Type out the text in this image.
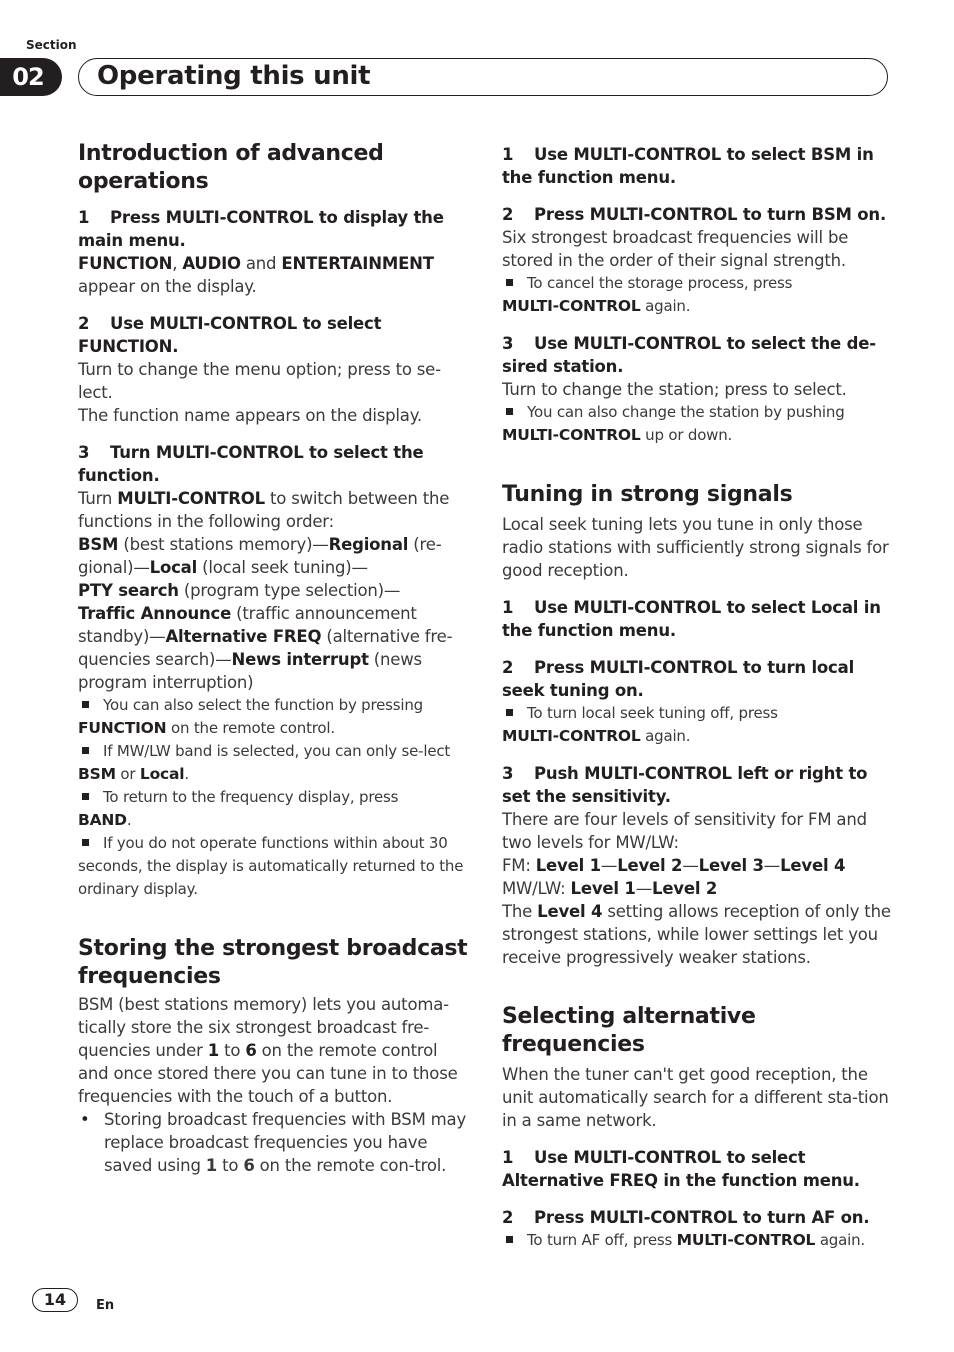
Section
02	Operating this unit
Introduction of advanced operations

1 Press MULTI-CONTROL to display the main menu.

FUNCTION, AUDIO and ENTERTAINMENT appear on the display.

2 Use MULTI-CONTROL to select FUNCTION.

Turn to change the menu option; press to se-lect.

The function name appears on the display.

3 Turn MULTI-CONTROL to select the function.

Turn MULTI-CONTROL to switch between the functions in the following order:

BSM (best stations memory)—Regional (re-gional)—Local (local seek tuning)—
PTY search (program type selection)—
Traffic Announce (traffic announcement standby)—Alternative FREQ (alternative fre-quencies search)—News interrupt (news program interruption)

You can also select the function by pressing FUNCTION on the remote control.

If MW/LW band is selected, you can only se-lect BSM or Local.

To return to the frequency display, press
BAND.

If you do not operate functions within about 30 seconds, the display is automatically returned to the ordinary display.

Storing the strongest broadcast frequencies

BSM (best stations memory) lets you automa-tically store the six strongest broadcast fre-quencies under 1 to 6 on the remote control and once stored there you can tune in to those frequencies with the touch of a button.

• Storing broadcast frequencies with BSM may replace broadcast frequencies you have saved using 1 to 6 on the remote con-trol.

1 Use MULTI-CONTROL to select BSM in the function menu.

2 Press MULTI-CONTROL to turn BSM on.

Six strongest broadcast frequencies will be stored in the order of their signal strength.

To cancel the storage process, press
MULTI-CONTROL again.

3 Use MULTI-CONTROL to select the de-sired station.

Turn to change the station; press to select.

You can also change the station by pushing
MULTI-CONTROL up or down.

Tuning in strong signals

Local seek tuning lets you tune in only those radio stations with sufficiently strong signals for good reception.

1 Use MULTI-CONTROL to select Local in the function menu.

2 Press MULTI-CONTROL to turn local seek tuning on.

To turn local seek tuning off, press
MULTI-CONTROL again.

3 Push MULTI-CONTROL left or right to set the sensitivity.

There are four levels of sensitivity for FM and two levels for MW/LW:

FM: Level 1—Level 2—Level 3—Level 4

MW/LW: Level 1—Level 2

The Level 4 setting allows reception of only the strongest stations, while lower settings let you receive progressively weaker stations.

Selecting alternative frequencies

When the tuner can't get good reception, the unit automatically search for a different sta-tion in a same network.

1 Use MULTI-CONTROL to select Alternative FREQ in the function menu.

2 Press MULTI-CONTROL to turn AF on.

To turn AF off, press MULTI-CONTROL again.

14	En
